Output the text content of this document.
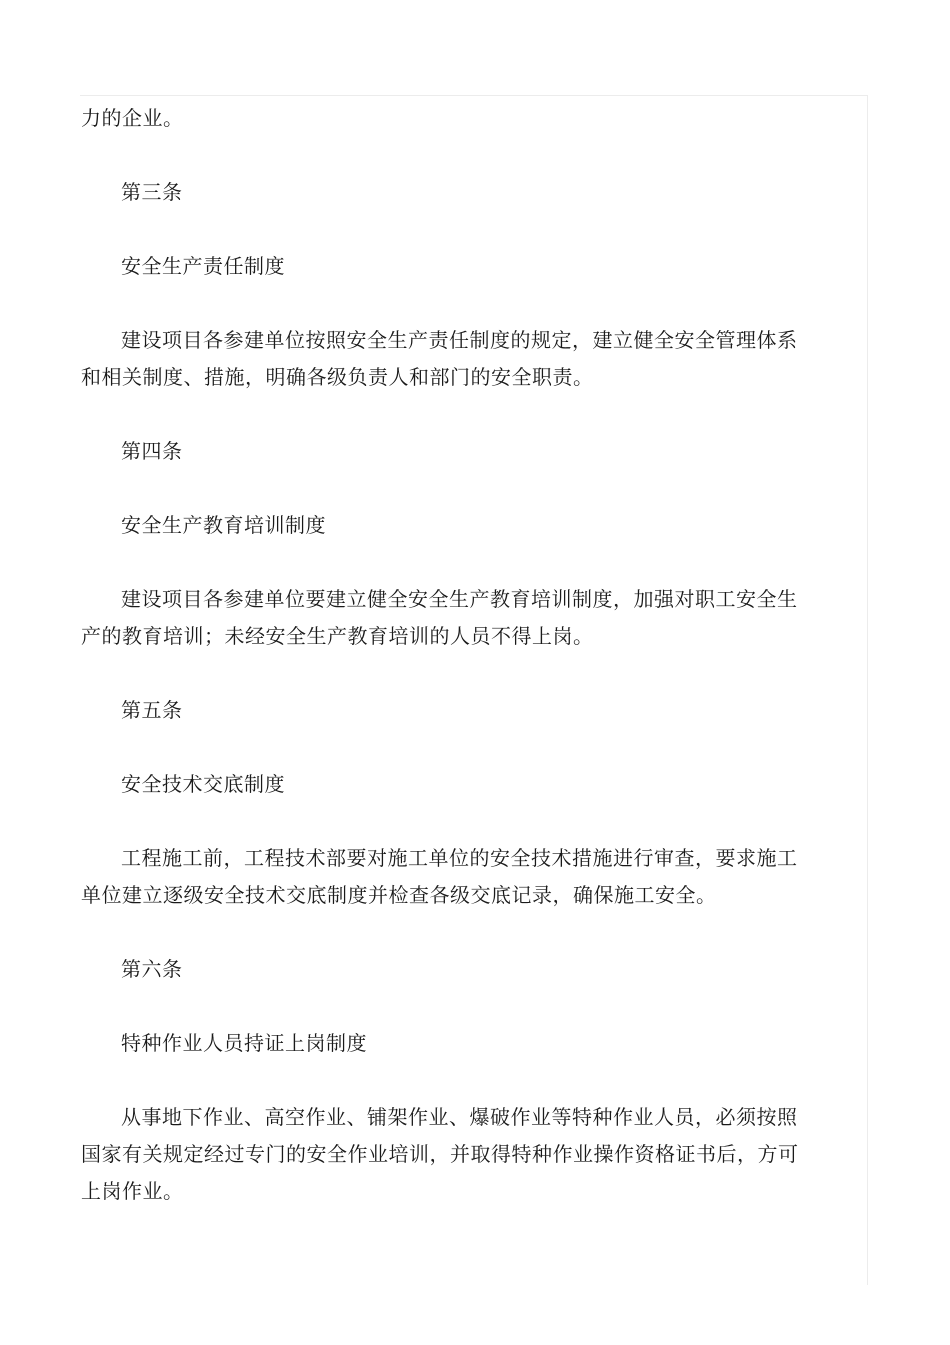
力的企业。

第三条

安全生产责任制度

建设项目各参建单位按照安全生产责任制度的规定，建立健全安全管理体系和相关制度、措施，明确各级负责人和部门的安全职责。

第四条

安全生产教育培训制度

建设项目各参建单位要建立健全安全生产教育培训制度，加强对职工安全生产的教育培训；未经安全生产教育培训的人员不得上岗。

第五条

安全技术交底制度

工程施工前，工程技术部要对施工单位的安全技术措施进行审查，要求施工单位建立逐级安全技术交底制度并检查各级交底记录，确保施工安全。

第六条

特种作业人员持证上岗制度

从事地下作业、高空作业、铺架作业、爆破作业等特种作业人员，必须按照国家有关规定经过专门的安全作业培训，并取得特种作业操作资格证书后，方可上岗作业。
